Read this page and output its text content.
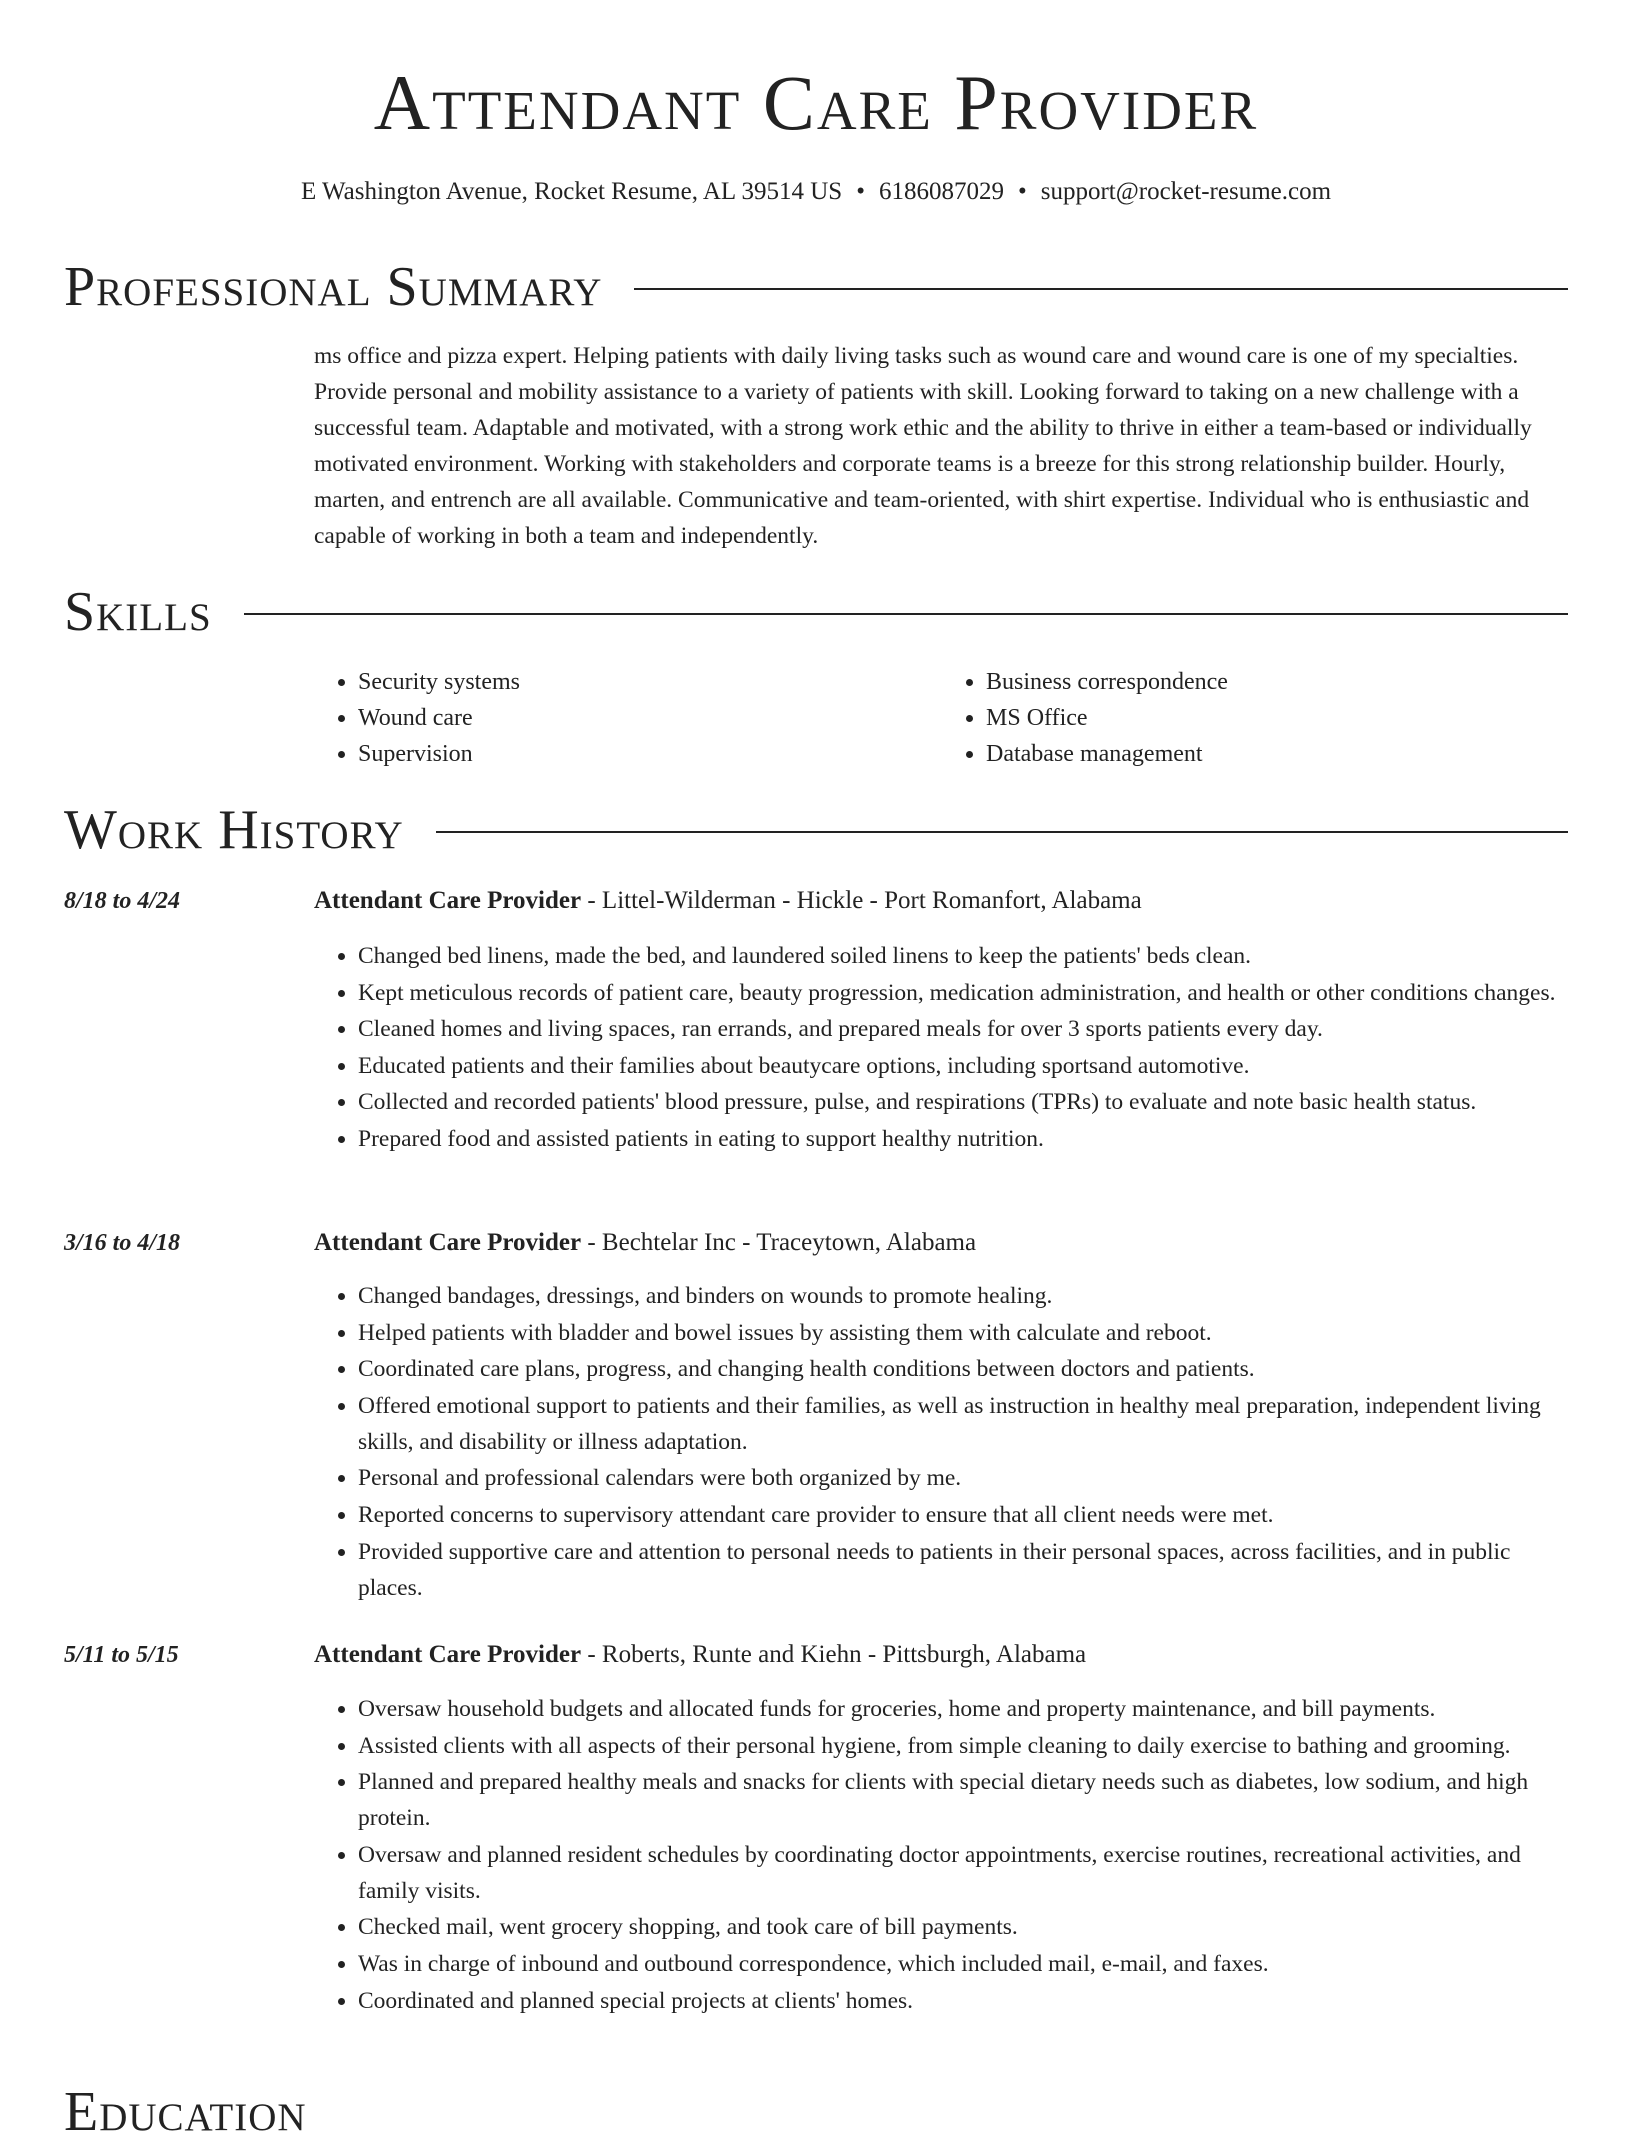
Attendant Care Provider
E Washington Avenue, Rocket Resume, AL 39514 US • 6186087029 • support@rocket-resume.com
Professional Summary

ms office and pizza expert. Helping patients with daily living tasks such as wound care and wound care is one of my specialties. Provide personal and mobility assistance to a variety of patients with skill. Looking forward to taking on a new challenge with a successful team. Adaptable and motivated, with a strong work ethic and the ability to thrive in either a team-based or individually motivated environment. Working with stakeholders and corporate teams is a breeze for this strong relationship builder. Hourly, marten, and entrench are all available. Communicative and team-oriented, with shirt expertise. Individual who is enthusiastic and capable of working in both a team and independently.

Skills
• Security systems
• Wound care
• Supervision
• Business correspondence
• MS Office
• Database management
Work History
8/18 to 4/24	Attendant Care Provider - Littel-Wilderman - Hickle - Port Romanfort, Alabama
• Changed bed linens, made the bed, and laundered soiled linens to keep the patients' beds clean.
• Kept meticulous records of patient care, beauty progression, medication administration, and health or other conditions changes.
• Cleaned homes and living spaces, ran errands, and prepared meals for over 3 sports patients every day.
• Educated patients and their families about beautycare options, including sportsand automotive.
• Collected and recorded patients' blood pressure, pulse, and respirations (TPRs) to evaluate and note basic health status.
• Prepared food and assisted patients in eating to support healthy nutrition.
3/16 to 4/18	Attendant Care Provider - Bechtelar Inc - Traceytown, Alabama
• Changed bandages, dressings, and binders on wounds to promote healing.
• Helped patients with bladder and bowel issues by assisting them with calculate and reboot.
• Coordinated care plans, progress, and changing health conditions between doctors and patients.
• Offered emotional support to patients and their families, as well as instruction in healthy meal preparation, independent living skills, and disability or illness adaptation.
• Personal and professional calendars were both organized by me.
• Reported concerns to supervisory attendant care provider to ensure that all client needs were met.
• Provided supportive care and attention to personal needs to patients in their personal spaces, across facilities, and in public places.
5/11 to 5/15	Attendant Care Provider - Roberts, Runte and Kiehn - Pittsburgh, Alabama
• Oversaw household budgets and allocated funds for groceries, home and property maintenance, and bill payments.
• Assisted clients with all aspects of their personal hygiene, from simple cleaning to daily exercise to bathing and grooming.
• Planned and prepared healthy meals and snacks for clients with special dietary needs such as diabetes, low sodium, and high protein.
• Oversaw and planned resident schedules by coordinating doctor appointments, exercise routines, recreational activities, and family visits.
• Checked mail, went grocery shopping, and took care of bill payments.
• Was in charge of inbound and outbound correspondence, which included mail, e-mail, and faxes.
• Coordinated and planned special projects at clients' homes.
Education
